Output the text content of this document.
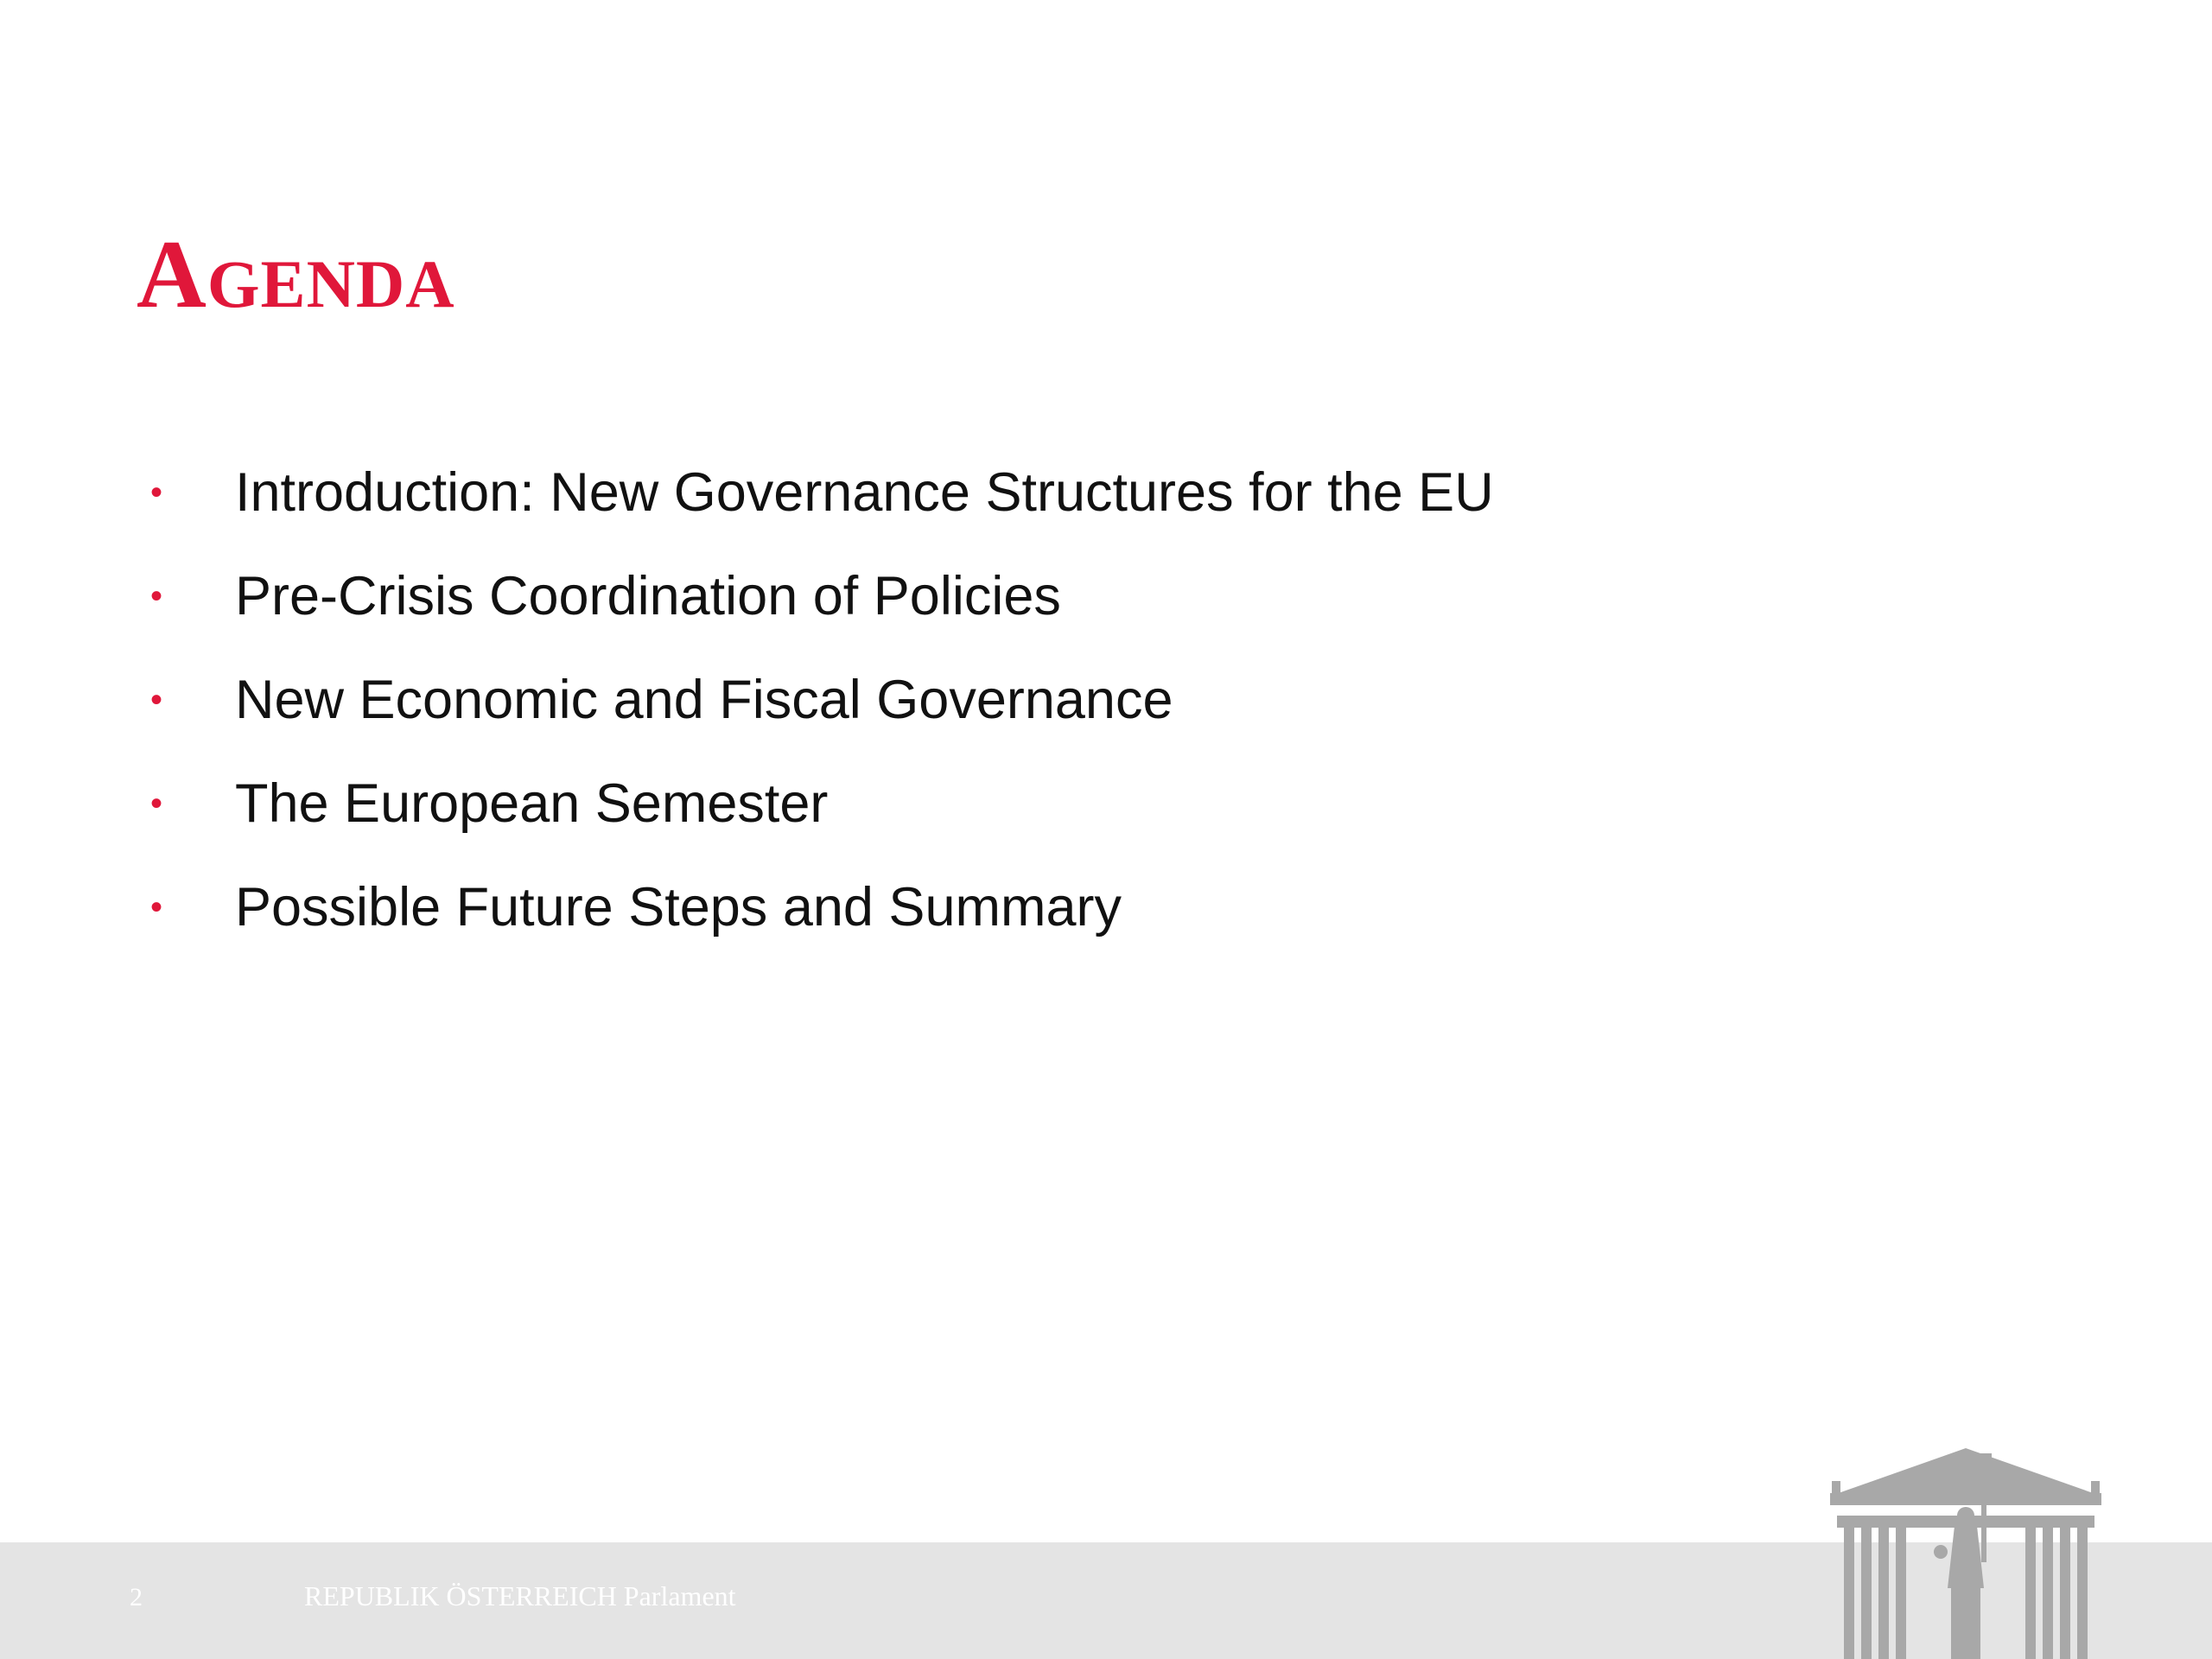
Agenda
•	Introduction: New Governance Structures for the EU
•	Pre-Crisis Coordination of Policies
•	New Economic and Fiscal Governance
•	The European Semester
•	Possible Future Steps and Summary
2	REPUBLIK ÖSTERREICH Parlament
